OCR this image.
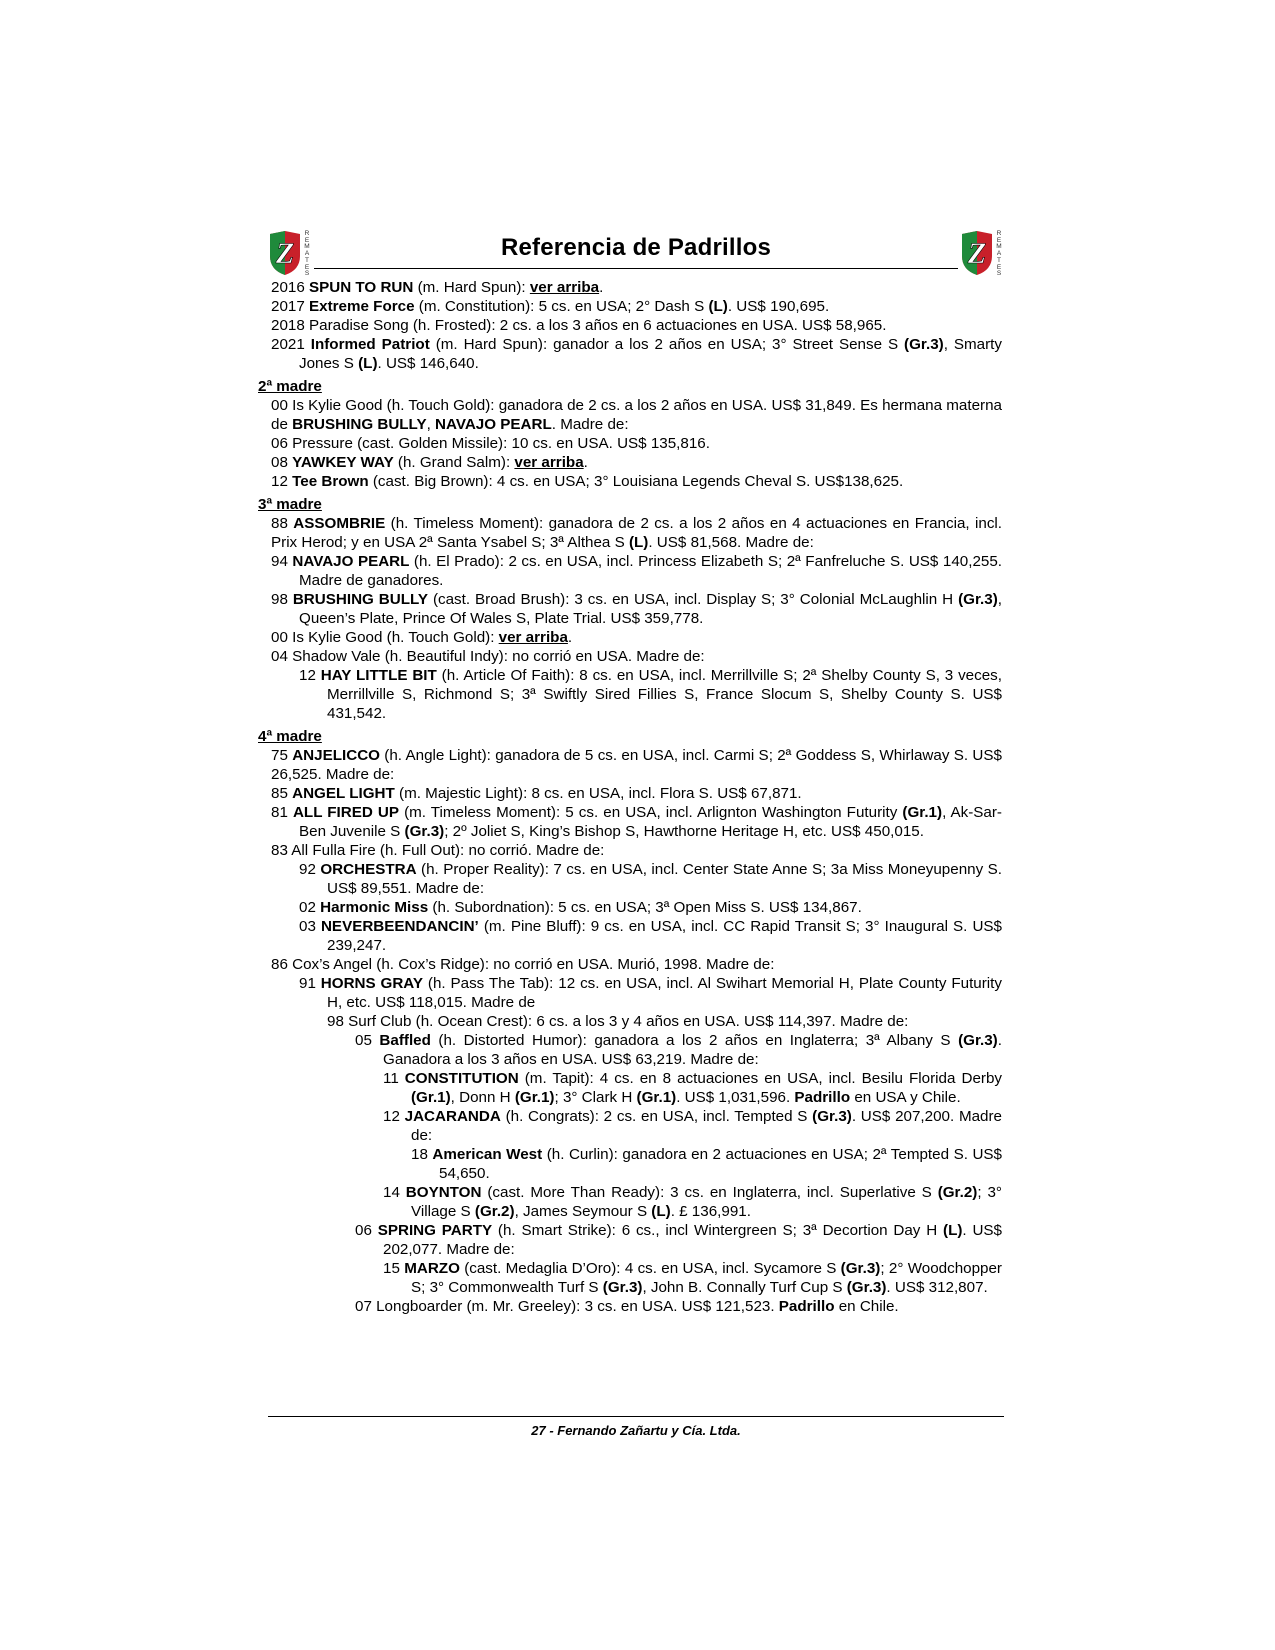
Z
R E M A T E S
Referencia de Padrillos	Z
R E M A T E S
2016 SPUN TO RUN (m. Hard Spun): ver arriba.
2017 Extreme Force (m. Constitution): 5 cs. en USA; 2° Dash S (L). US$ 190,695.
2018 Paradise Song (h. Frosted): 2 cs. a los 3 años en 6 actuaciones en USA. US$ 58,965.
2021 Informed Patriot (m. Hard Spun): ganador a los 2 años en USA; 3° Street Sense S (Gr.3), Smarty Jones S (L). US$ 146,640.
2ª madre
00 Is Kylie Good (h. Touch Gold): ganadora de 2 cs. a los 2 años en USA. US$ 31,849. Es hermana materna de BRUSHING BULLY, NAVAJO PEARL. Madre de:
06 Pressure (cast. Golden Missile): 10 cs. en USA. US$ 135,816.
08 YAWKEY WAY (h. Grand Salm): ver arriba.
12 Tee Brown (cast. Big Brown): 4 cs. en USA; 3° Louisiana Legends Cheval S. US$138,625.
3ª madre
88 ASSOMBRIE (h. Timeless Moment): ganadora de 2 cs. a los 2 años en 4 actuaciones en Francia, incl. Prix Herod; y en USA 2ª Santa Ysabel S; 3ª Althea S (L). US$ 81,568. Madre de:
94 NAVAJO PEARL (h. El Prado): 2 cs. en USA, incl. Princess Elizabeth S; 2ª Fanfreluche S. US$ 140,255. Madre de ganadores.
98 BRUSHING BULLY (cast. Broad Brush): 3 cs. en USA, incl. Display S; 3° Colonial McLaughlin H (Gr.3), Queen’s Plate, Prince Of Wales S, Plate Trial. US$ 359,778.
00 Is Kylie Good (h. Touch Gold): ver arriba.
04 Shadow Vale (h. Beautiful Indy): no corrió en USA. Madre de:
12 HAY LITTLE BIT (h. Article Of Faith): 8 cs. en USA, incl. Merrillville S; 2ª Shelby County S, 3 veces, Merrillville S, Richmond S; 3ª Swiftly Sired Fillies S, France Slocum S, Shelby County S. US$ 431,542.
4ª madre
75 ANJELICCO (h. Angle Light): ganadora de 5 cs. en USA, incl. Carmi S; 2ª Goddess S, Whirlaway S. US$ 26,525. Madre de:
85 ANGEL LIGHT (m. Majestic Light): 8 cs. en USA, incl. Flora S. US$ 67,871.
81 ALL FIRED UP (m. Timeless Moment): 5 cs. en USA, incl. Arlignton Washington Futurity (Gr.1), Ak-Sar-Ben Juvenile S (Gr.3); 2º Joliet S, King’s Bishop S, Hawthorne Heritage H, etc. US$ 450,015.
83 All Fulla Fire (h. Full Out): no corrió. Madre de:
92 ORCHESTRA (h. Proper Reality): 7 cs. en USA, incl. Center State Anne S; 3a Miss Moneyupenny S. US$ 89,551. Madre de:
02 Harmonic Miss (h. Subordnation): 5 cs. en USA; 3ª Open Miss S. US$ 134,867.
03 NEVERBEENDANCIN’ (m. Pine Bluff): 9 cs. en USA, incl. CC Rapid Transit S; 3° Inaugural S. US$ 239,247.
86 Cox’s Angel (h. Cox’s Ridge): no corrió en USA. Murió, 1998. Madre de:
91 HORNS GRAY (h. Pass The Tab): 12 cs. en USA, incl. Al Swihart Memorial H, Plate County Futurity H, etc. US$ 118,015. Madre de
98 Surf Club (h. Ocean Crest): 6 cs. a los 3 y 4 años en USA. US$ 114,397. Madre de:
05 Baffled (h. Distorted Humor): ganadora a los 2 años en Inglaterra; 3ª Albany S (Gr.3). Ganadora a los 3 años en USA. US$ 63,219. Madre de:
11 CONSTITUTION (m. Tapit): 4 cs. en 8 actuaciones en USA, incl. Besilu Florida Derby (Gr.1), Donn H (Gr.1); 3° Clark H (Gr.1). US$ 1,031,596. Padrillo en USA y Chile.
12 JACARANDA (h. Congrats): 2 cs. en USA, incl. Tempted S (Gr.3). US$ 207,200. Madre de:
18 American West (h. Curlin): ganadora en 2 actuaciones en USA; 2ª Tempted S. US$ 54,650.
14 BOYNTON (cast. More Than Ready): 3 cs. en Inglaterra, incl. Superlative S (Gr.2); 3° Village S (Gr.2), James Seymour S (L). £ 136,991.
06 SPRING PARTY (h. Smart Strike): 6 cs., incl Wintergreen S; 3ª Decortion Day H (L). US$ 202,077. Madre de:
15 MARZO (cast. Medaglia D’Oro): 4 cs. en USA, incl. Sycamore S (Gr.3); 2° Woodchopper S; 3° Commonwealth Turf S (Gr.3), John B. Connally Turf Cup S (Gr.3). US$ 312,807.
07 Longboarder (m. Mr. Greeley): 3 cs. en USA. US$ 121,523. Padrillo en Chile.
27 - Fernando Zañartu y Cía. Ltda.
